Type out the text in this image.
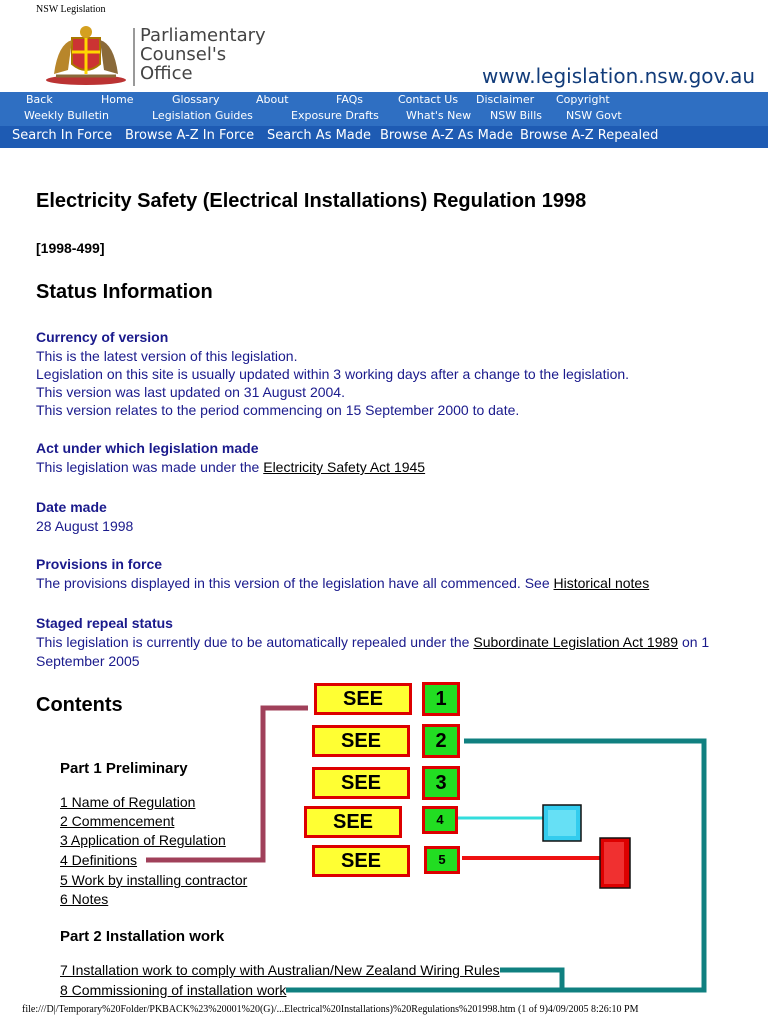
NSW Legislation
Parliamentary
Counsel's
Office	www.legislation.nsw.gov.au
Back	Home	Glossary	About	FAQs	Contact Us Disclaimer Copyright
Weekly Bulletin	Legislation Guides	Exposure Drafts What's New NSW Bills NSW Govt
Search In Force Browse A-Z In Force Search As Made Browse A-Z As Made Browse A-Z Repealed
Electricity Safety (Electrical Installations) Regulation 1998
[1998-499]
Status Information
Currency of version
This is the latest version of this legislation.
Legislation on this site is usually updated within 3 working days after a change to the legislation.
This version was last updated on 31 August 2004.
This version relates to the period commencing on 15 September 2000 to date.
Act under which legislation made
This legislation was made under the Electricity Safety Act 1945
Date made
28 August 1998
Provisions in force
The provisions displayed in this version of the legislation have all commenced. See Historical notes
Staged repeal status
This legislation is currently due to be automatically repealed under the Subordinate Legislation Act 1989 on 1
September 2005
Contents
Part 1 Preliminary
1 Name of Regulation
2 Commencement
3 Application of Regulation
4 Definitions
5 Work by installing contractor
6 Notes
Part 2 Installation work
7 Installation work to comply with Australian/New Zealand Wiring Rules
8 Commissioning of installation work
SEE
SEE
SEE
SEE
SEE
1
2
3
4
5
file:///D|/Temporary%20Folder/PKBACK%23%20001%20(G)/...Electrical%20Installations)%20Regulations%201998.htm (1 of 9)4/09/2005 8:26:10 PM
